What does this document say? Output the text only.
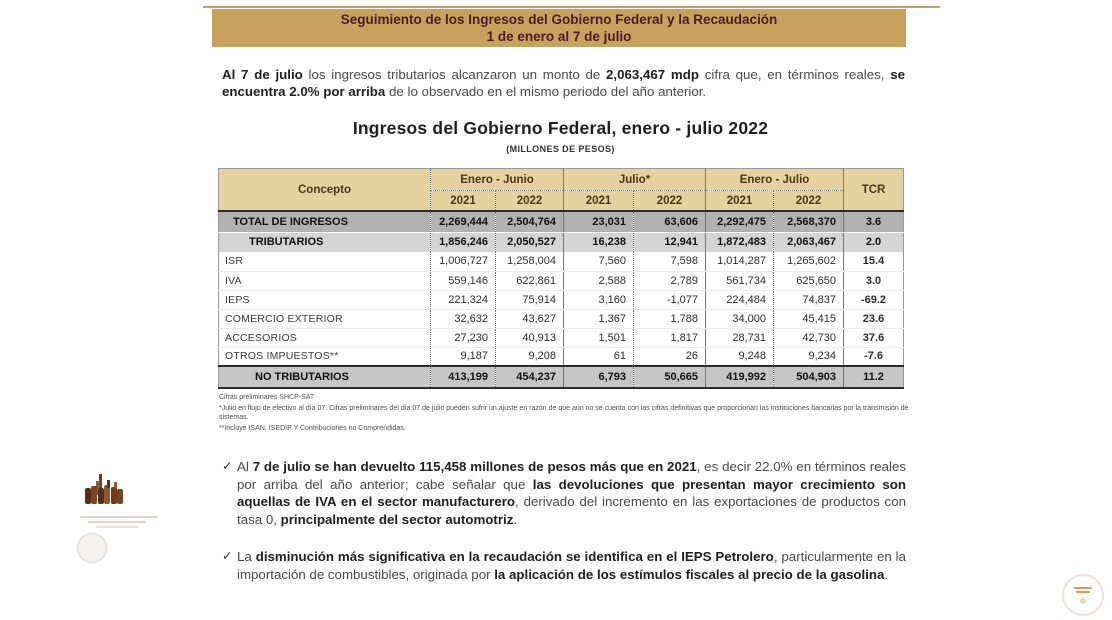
Seguimiento de los Ingresos del Gobierno Federal y la Recaudación
1 de enero al 7 de julio

Al 7 de julio los ingresos tributarios alcanzaron un monto de 2,063,467 mdp cifra que, en términos reales, se encuentra 2.0% por arriba de lo observado en el mismo periodo del año anterior.

Ingresos del Gobierno Federal, enero - julio 2022
(MILLONES DE PESOS)
Concepto	Enero - Junio		Julio*		Enero - Julio		TCR
	2021	2022	2021	2022	2021	2022	
TOTAL DE INGRESOS	2,269,444	2,504,764	23,031	63,606	2,292,475	2,568,370	3.6
TRIBUTARIOS	1,856,246	2,050,527	16,238	12,941	1,872,483	2,063,467	2.0
ISR	1,006,727	1,258,004	7,560	7,598	1,014,287	1,265,602	15.4
IVA	559,146	622,861	2,588	2,789	561,734	625,650	3.0
IEPS	221,324	75,914	3,160	-1,077	224,484	74,837	-69.2
COMERCIO EXTERIOR	32,632	43,627	1,367	1,788	34,000	45,415	23.6
ACCESORIOS	27,230	40,913	1,501	1,817	28,731	42,730	37.6
OTROS IMPUESTOS**	9,187	9,208	61	26	9,248	9,234	-7.6
NO TRIBUTARIOS	413,199	454,237	6,793	50,665	419,992	504,903	11.2
Cifras preliminares SHCP-SAT
*Julio en flujo de efectivo al día 07. Cifras preliminares del día 07 de julio pueden sufrir un ajuste en razón de que aún no se cuenta con las cifras definitivas que proporcionan las instituciones bancarias por la transmisión de sistemas.
**Incluye ISAN, ISEDIP Y Contribuciones no Comprendidas.
✓ Al 7 de julio se han devuelto 115,458 millones de pesos más que en 2021, es decir 22.0% en términos reales por arriba del año anterior; cabe señalar que las devoluciones que presentan mayor crecimiento son aquellas de IVA en el sector manufacturero, derivado del incremento en las exportaciones de productos con tasa 0, principalmente del sector automotriz.
✓ La disminución más significativa en la recaudación se identifica en el IEPS Petrolero, particularmente en la importación de combustibles, originada por la aplicación de los estímulos fiscales al precio de la gasolina.
